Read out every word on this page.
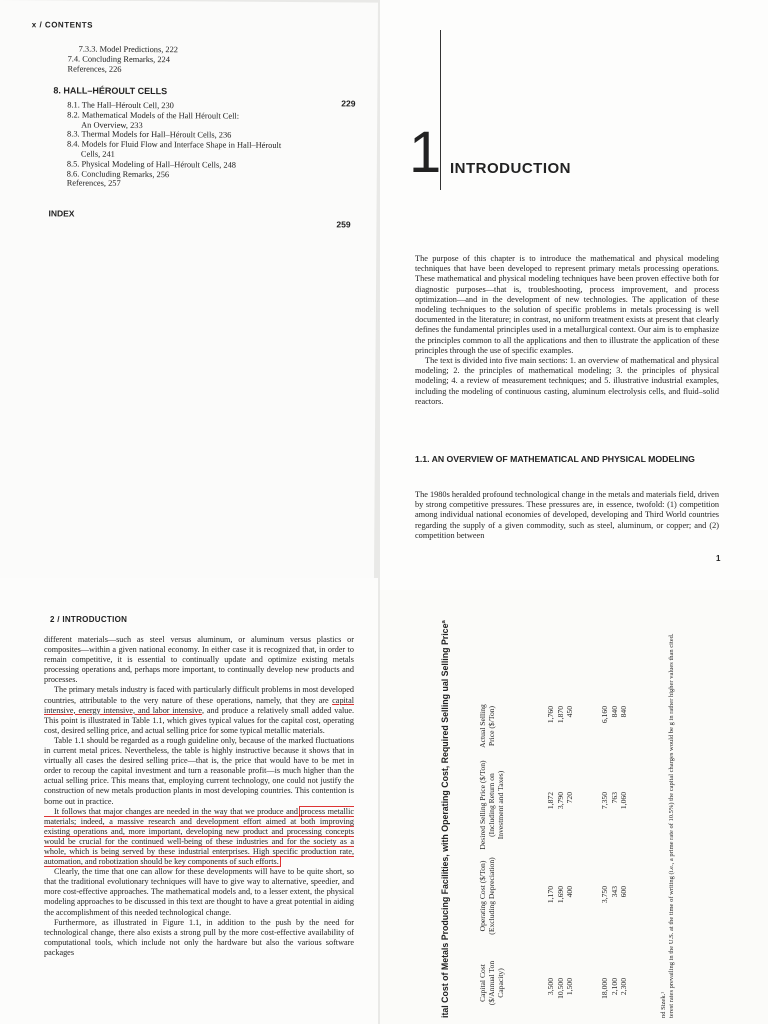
x / CONTENTS
7.3.3. Model Predictions, 222
7.4. Concluding Remarks, 224
References, 226
8. HALL–HÉROULT CELLS
229
8.1. The Hall–Héroult Cell, 230
8.2. Mathematical Models of the Hall Héroult Cell:
An Overview, 233
8.3. Thermal Models for Hall–Héroult Cells, 236
8.4. Models for Fluid Flow and Interface Shape in Hall–Héroult
Cells, 241
8.5. Physical Modeling of Hall–Héroult Cells, 248
8.6. Concluding Remarks, 256
References, 257
INDEX
259
1 INTRODUCTION

The purpose of this chapter is to introduce the mathematical and physical modeling techniques that have been developed to represent primary metals processing operations. These mathematical and physical modeling techniques have been proven effective both for diagnostic purposes—that is, troubleshooting, process improvement, and process optimization—and in the development of new technologies. The application of these modeling techniques to the solution of specific problems in metals processing is well documented in the literature; in contrast, no uniform treatment exists at present that clearly defines the fundamental principles used in a metallurgical context. Our aim is to emphasize the principles common to all the applications and then to illustrate the application of these principles through the use of specific examples.

The text is divided into five main sections: 1. an overview of mathematical and physical modeling; 2. the principles of mathematical modeling; 3. the principles of physical modeling; 4. a review of measurement techniques; and 5. illustrative industrial examples, including the modeling of continuous casting, aluminum electrolysis cells, and fluid–solid reactors.

1.1. AN OVERVIEW OF MATHEMATICAL AND PHYSICAL MODELING
The 1980s heralded profound technological change in the metals and materials field, driven by strong competitive pressures. These pressures are, in essence, twofold: (1) competition among individual national economies of developed, developing and Third World countries regarding the supply of a given commodity, such as steel, aluminum, or copper; and (2) competition between
1
2 / INTRODUCTION

different materials—such as steel versus aluminum, or aluminum versus plastics or composites—within a given national economy. In either case it is recognized that, in order to remain competitive, it is essential to continually update and optimize existing metals processing operations and, perhaps more important, to continually develop new products and processes.

The primary metals industry is faced with particularly difficult problems in most developed countries, attributable to the very nature of these operations, namely, that they are capital intensive, energy intensive, and labor intensive, and produce a relatively small added value. This point is illustrated in Table 1.1, which gives typical values for the capital cost, operating cost, desired selling price, and actual selling price for some typical metallic materials.

Table 1.1 should be regarded as a rough guideline only, because of the marked fluctuations in current metal prices. Nevertheless, the table is highly instructive because it shows that in virtually all cases the desired selling price—that is, the price that would have to be met in order to recoup the capital investment and turn a reasonable profit—is much higher than the actual selling price. This means that, employing current technology, one could not justify the construction of new metals production plants in most developing countries. This contention is borne out in practice.

It follows that major changes are needed in the way that we produce and process metallic materials; indeed, a massive research and development effort aimed at both improving existing operations and, more important, developing new product and processing concepts would be crucial for the continued well-being of these industries and for the society as a whole, which is being served by these industrial enterprises. High specific production rate, automation, and robotization should be key components of such efforts.

Clearly, the time that one can allow for these developments will have to be quite short, so that the traditional evolutionary techniques will have to give way to alternative, speedier, and more cost-effective approaches. The mathematical models and, to a lesser extent, the physical modeling approaches to be discussed in this text are thought to have a great potential in aiding the accomplishment of this needed technological change.

Furthermore, as illustrated in Figure 1.1, in addition to the push by the need for technological change, there also exists a strong pull by the more cost-effective availability of computational tools, which include not only the hardware but also the various software packages	ital Cost of Metals Producing Facilities, with Operating Cost, Required Selling ual Selling Priceª	Capital Cost ($/Annual Ton Capacity)
Operating Cost ($/Ton) (Excluding Depreciation)
Desired Selling Price ($/Ton) (Including Return on Investment and Taxes)
Actual Selling Price ($/Ton)
3,500
1,170
1,872
1,760
10,500
1,690
3,790
1,870
1,500
400
720
450
18,000
3,750
7,350
6,160
2,100
343
763
840
2,300
600
1,060
840
nd Sizek.¹ terest rates prevailing in the U.S. at the time of writing (i.e., a prime rate of 10.5%) the capital charges would be g in rather higher values than cited.
